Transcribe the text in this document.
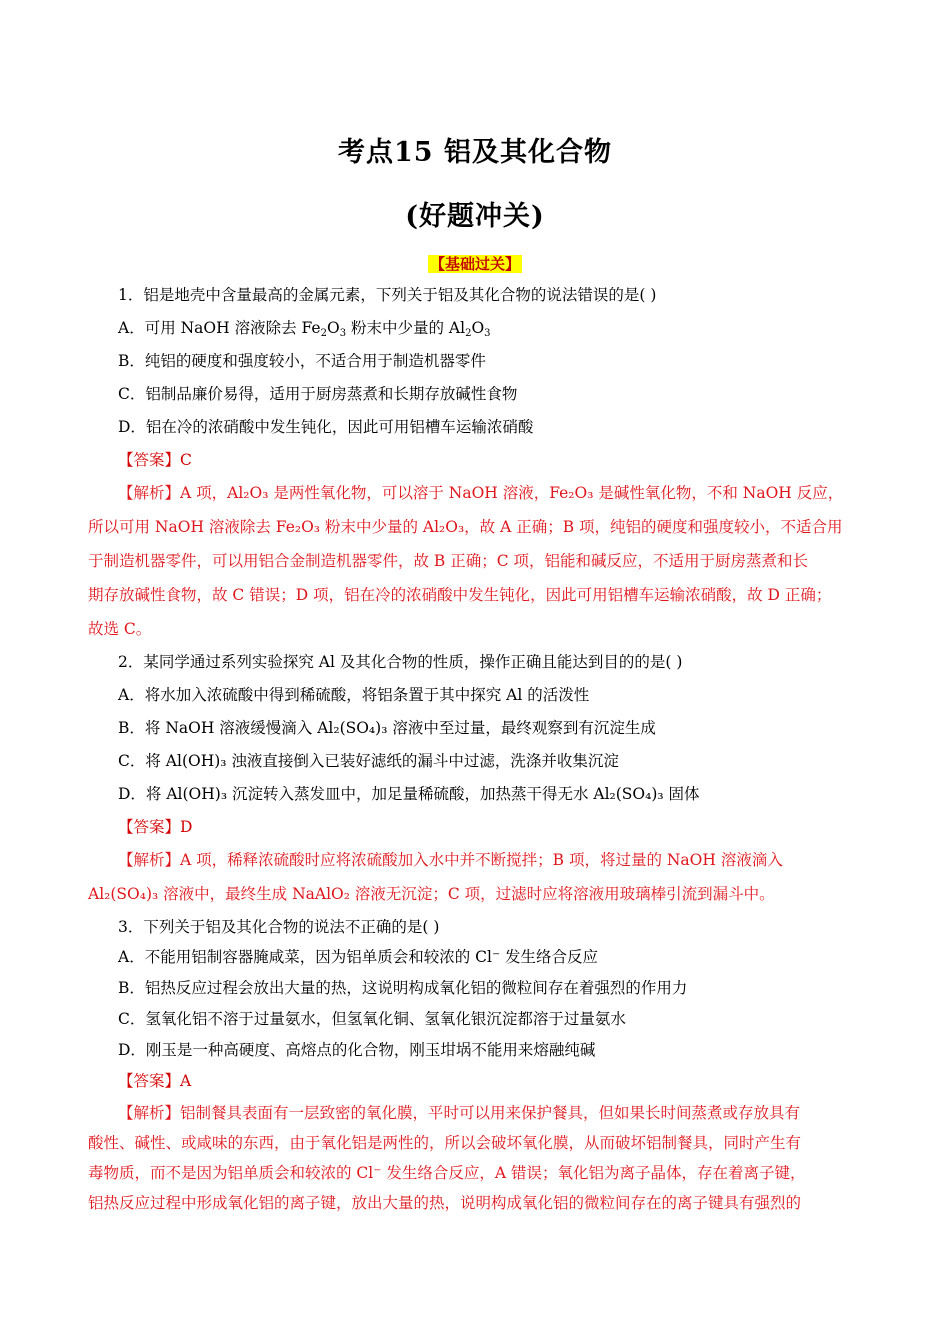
考点15 铝及其化合物
(好题冲关)
【基础过关】
1．铝是地壳中含量最高的金属元素，下列关于铝及其化合物的说法错误的是( )
A．可用 NaOH 溶液除去 $Fe_2O_3$ 粉末中少量的 $Al_2O_3$
B．纯铝的硬度和强度较小，不适合用于制造机器零件
C．铝制品廉价易得，适用于厨房蒸煮和长期存放碱性食物
D．铝在冷的浓硝酸中发生钝化，因此可用铝槽车运输浓硝酸
【答案】C
【解析】A 项，Al₂O₃ 是两性氧化物，可以溶于 NaOH 溶液，Fe₂O₃ 是碱性氧化物，不和 NaOH 反应，
所以可用 NaOH 溶液除去 Fe₂O₃ 粉末中少量的 Al₂O₃，故 A 正确；B 项，纯铝的硬度和强度较小，不适合用
于制造机器零件，可以用铝合金制造机器零件，故 B 正确；C 项，铝能和碱反应，不适用于厨房蒸煮和长
期存放碱性食物，故 C 错误；D 项，铝在冷的浓硝酸中发生钝化，因此可用铝槽车运输浓硝酸，故 D 正确；
故选 C。
2．某同学通过系列实验探究 Al 及其化合物的性质，操作正确且能达到目的的是( )
A．将水加入浓硫酸中得到稀硫酸，将铝条置于其中探究 Al 的活泼性
B．将 NaOH 溶液缓慢滴入 Al₂(SO₄)₃ 溶液中至过量，最终观察到有沉淀生成
C．将 Al(OH)₃ 浊液直接倒入已装好滤纸的漏斗中过滤，洗涤并收集沉淀
D．将 Al(OH)₃ 沉淀转入蒸发皿中，加足量稀硫酸，加热蒸干得无水 Al₂(SO₄)₃ 固体
【答案】D
【解析】A 项，稀释浓硫酸时应将浓硫酸加入水中并不断搅拌；B 项，将过量的 NaOH 溶液滴入
Al₂(SO₄)₃ 溶液中，最终生成 NaAlO₂ 溶液无沉淀；C 项，过滤时应将溶液用玻璃棒引流到漏斗中。
3．下列关于铝及其化合物的说法不正确的是( )
A．不能用铝制容器腌咸菜，因为铝单质会和较浓的 Cl⁻ 发生络合反应
B．铝热反应过程会放出大量的热，这说明构成氧化铝的微粒间存在着强烈的作用力
C．氢氧化铝不溶于过量氨水，但氢氧化铜、氢氧化银沉淀都溶于过量氨水
D．刚玉是一种高硬度、高熔点的化合物，刚玉坩埚不能用来熔融纯碱
【答案】A
【解析】铝制餐具表面有一层致密的氧化膜，平时可以用来保护餐具，但如果长时间蒸煮或存放具有
酸性、碱性、或咸味的东西，由于氧化铝是两性的，所以会破坏氧化膜，从而破坏铝制餐具，同时产生有
毒物质，而不是因为铝单质会和较浓的 Cl⁻ 发生络合反应，A 错误；氧化铝为离子晶体，存在着离子键，
铝热反应过程中形成氧化铝的离子键，放出大量的热，说明构成氧化铝的微粒间存在的离子键具有强烈的
